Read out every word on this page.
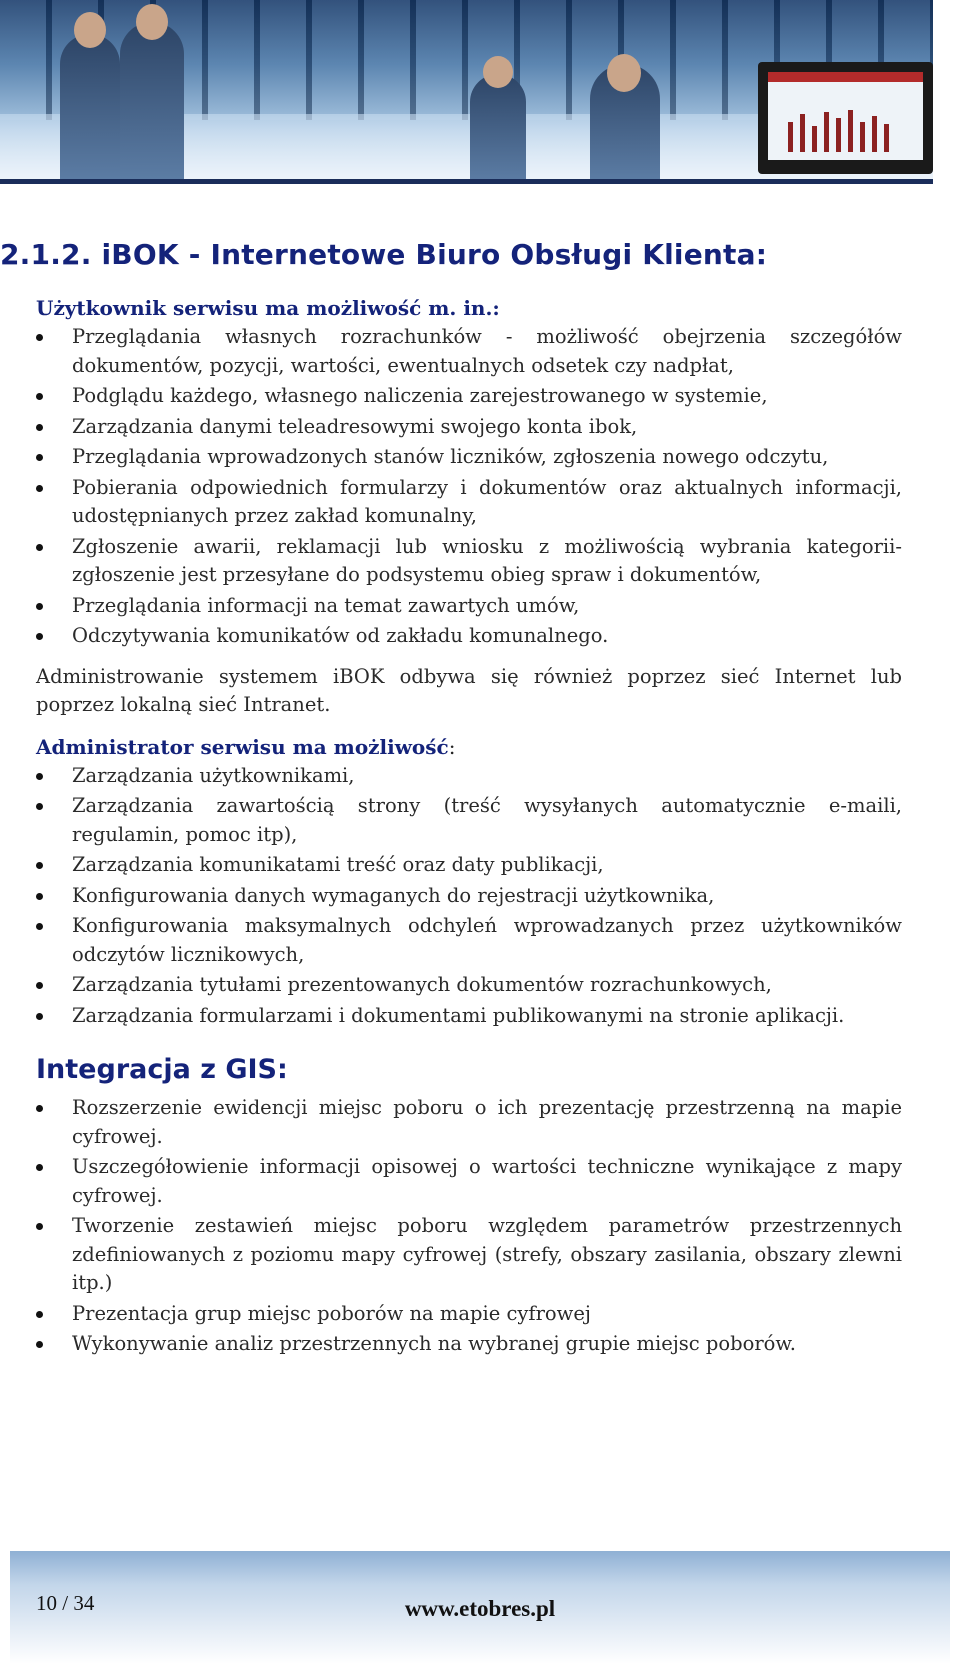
2.1.2. iBOK - Internetowe Biuro Obsługi Klienta:

Użytkownik serwisu ma możliwość m. in.:

Przeglądania własnych rozrachunków - możliwość obejrzenia szczegółów dokumentów, pozycji, wartości, ewentualnych odsetek czy nadpłat,
Podglądu każdego, własnego naliczenia zarejestrowanego w systemie,
Zarządzania danymi teleadresowymi swojego konta ibok,
Przeglądania wprowadzonych stanów liczników, zgłoszenia nowego odczytu,
Pobierania odpowiednich formularzy i dokumentów oraz aktualnych informacji, udostępnianych przez zakład komunalny,
Zgłoszenie awarii, reklamacji lub wniosku z możliwością wybrania kategorii-zgłoszenie jest przesyłane do podsystemu obieg spraw i dokumentów,
Przeglądania informacji na temat zawartych umów,
Odczytywania komunikatów od zakładu komunalnego.

Administrowanie systemem iBOK odbywa się również poprzez sieć Internet lub poprzez lokalną sieć Intranet.

Administrator serwisu ma możliwość:

Zarządzania użytkownikami,
Zarządzania zawartością strony (treść wysyłanych automatycznie e-maili, regulamin, pomoc itp),
Zarządzania komunikatami treść oraz daty publikacji,
Konfigurowania danych wymaganych do rejestracji użytkownika,
Konfigurowania maksymalnych odchyleń wprowadzanych przez użytkowników odczytów licznikowych,
Zarządzania tytułami prezentowanych dokumentów rozrachunkowych,
Zarządzania formularzami i dokumentami publikowanymi na stronie aplikacji.
Integracja z GIS:
Rozszerzenie ewidencji miejsc poboru o ich prezentację przestrzenną na mapie cyfrowej.
Uszczegółowienie informacji opisowej o wartości techniczne wynikające z mapy cyfrowej.
Tworzenie zestawień miejsc poboru względem parametrów przestrzennych zdefiniowanych z poziomu mapy cyfrowej (strefy, obszary zasilania, obszary zlewni itp.)
Prezentacja grup miejsc poborów na mapie cyfrowej
Wykonywanie analiz przestrzennych na wybranej grupie miejsc poborów.
10 / 34	www.etobres.pl
